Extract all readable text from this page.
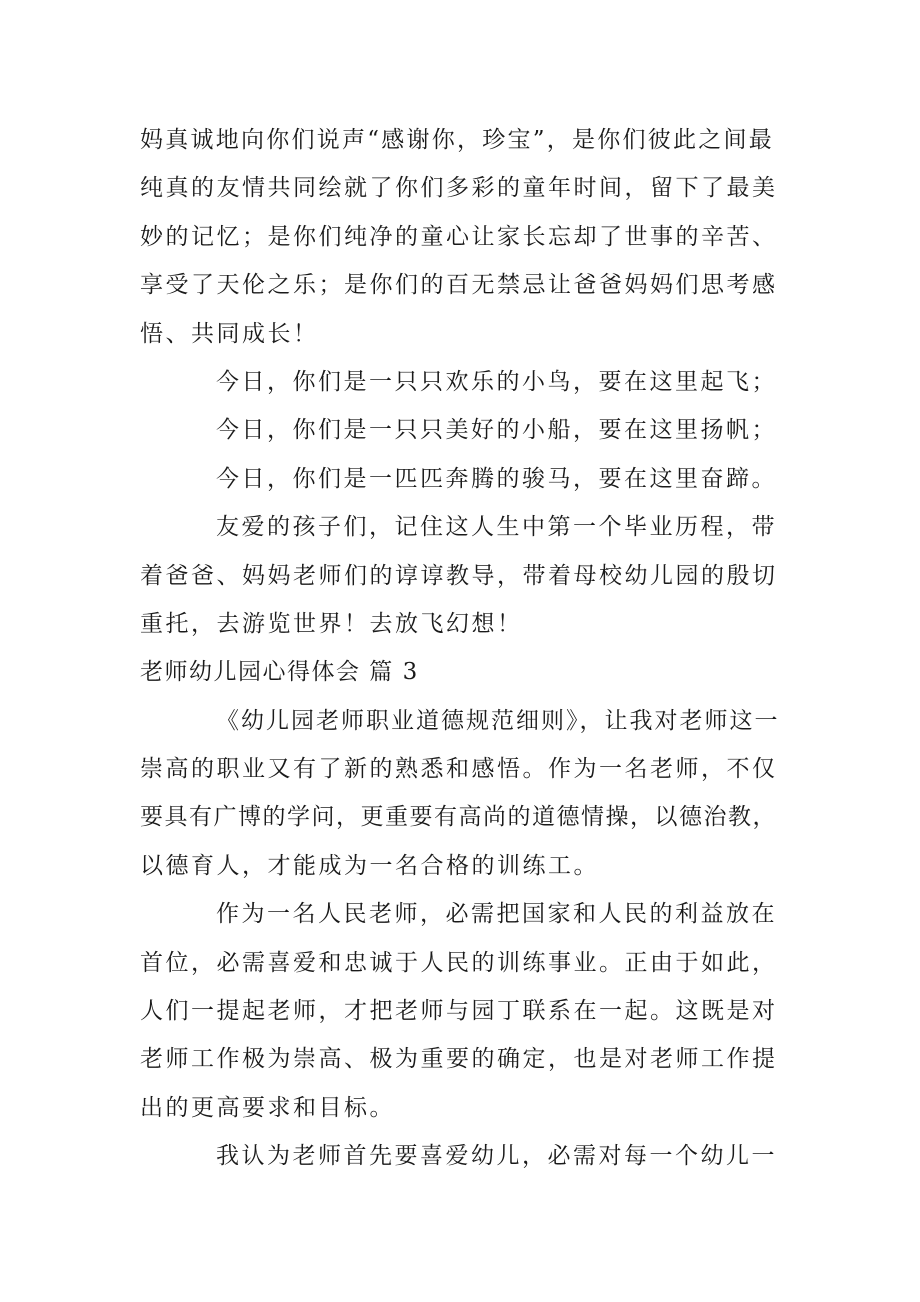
妈真诚地向你们说声“感谢你，珍宝”，是你们彼此之间最
纯真的友情共同绘就了你们多彩的童年时间，留下了最美
妙的记忆；是你们纯净的童心让家长忘却了世事的辛苦、
享受了天伦之乐；是你们的百无禁忌让爸爸妈妈们思考感
悟、共同成长！
今日，你们是一只只欢乐的小鸟，要在这里起飞；
今日，你们是一只只美好的小船，要在这里扬帆；
今日，你们是一匹匹奔腾的骏马，要在这里奋蹄。
友爱的孩子们，记住这人生中第一个毕业历程，带
着爸爸、妈妈老师们的谆谆教导，带着母校幼儿园的殷切
重托，去游览世界！去放飞幻想！
老师幼儿园心得体会 篇 3
《幼儿园老师职业道德规范细则》，让我对老师这一
崇高的职业又有了新的熟悉和感悟。作为一名老师，不仅
要具有广博的学问，更重要有高尚的道德情操，以德治教，
以德育人，才能成为一名合格的训练工。
作为一名人民老师，必需把国家和人民的利益放在
首位，必需喜爱和忠诚于人民的训练事业。正由于如此，
人们一提起老师，才把老师与园丁联系在一起。这既是对
老师工作极为崇高、极为重要的确定，也是对老师工作提
出的更高要求和目标。
我认为老师首先要喜爱幼儿，必需对每一个幼儿一
